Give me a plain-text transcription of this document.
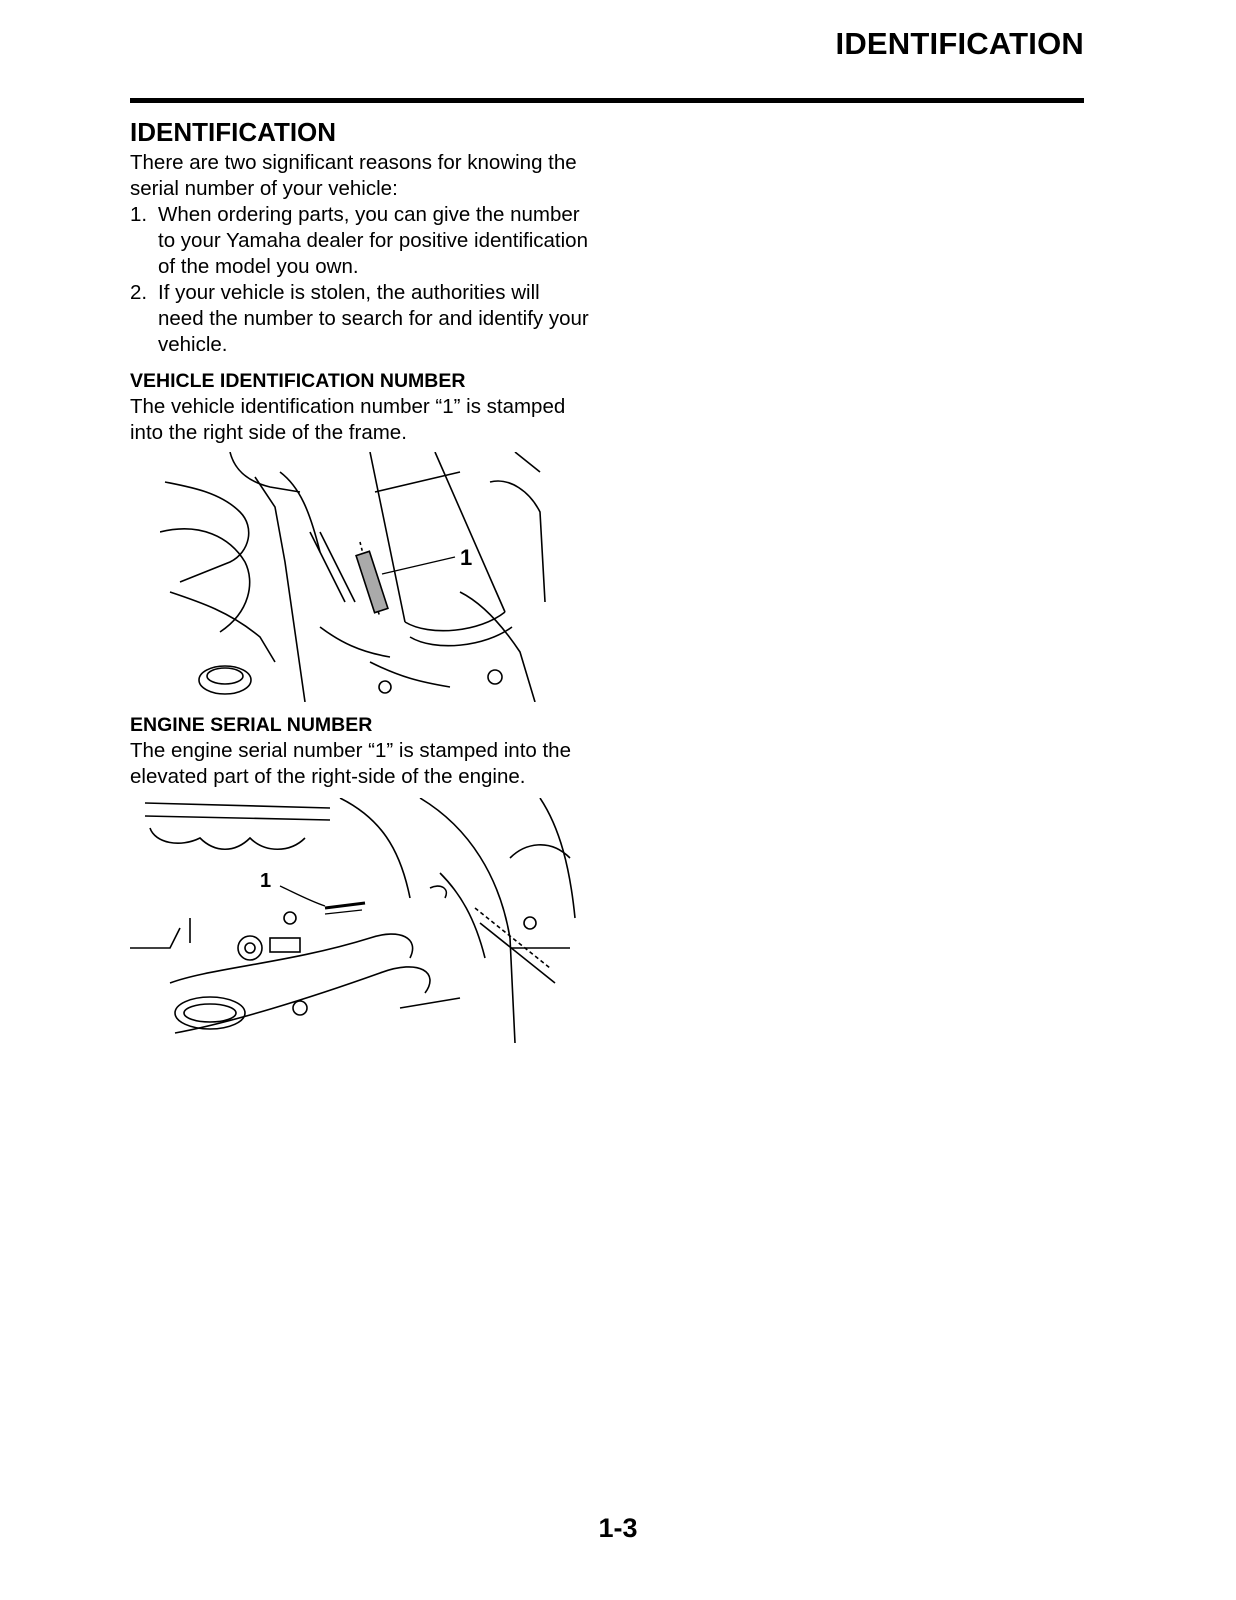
IDENTIFICATION
IDENTIFICATION

There are two significant reasons for knowing the serial number of your vehicle:

1. When ordering parts, you can give the number to your Yamaha dealer for positive identification of the model you own.
2. If your vehicle is stolen, the authorities will need the number to search for and identify your vehicle.
VEHICLE IDENTIFICATION NUMBER

The vehicle identification number “1” is stamped into the right side of the frame.

1
ENGINE SERIAL NUMBER

The engine serial number “1” is stamped into the elevated part of the right-side of the engine.

1
1-3
